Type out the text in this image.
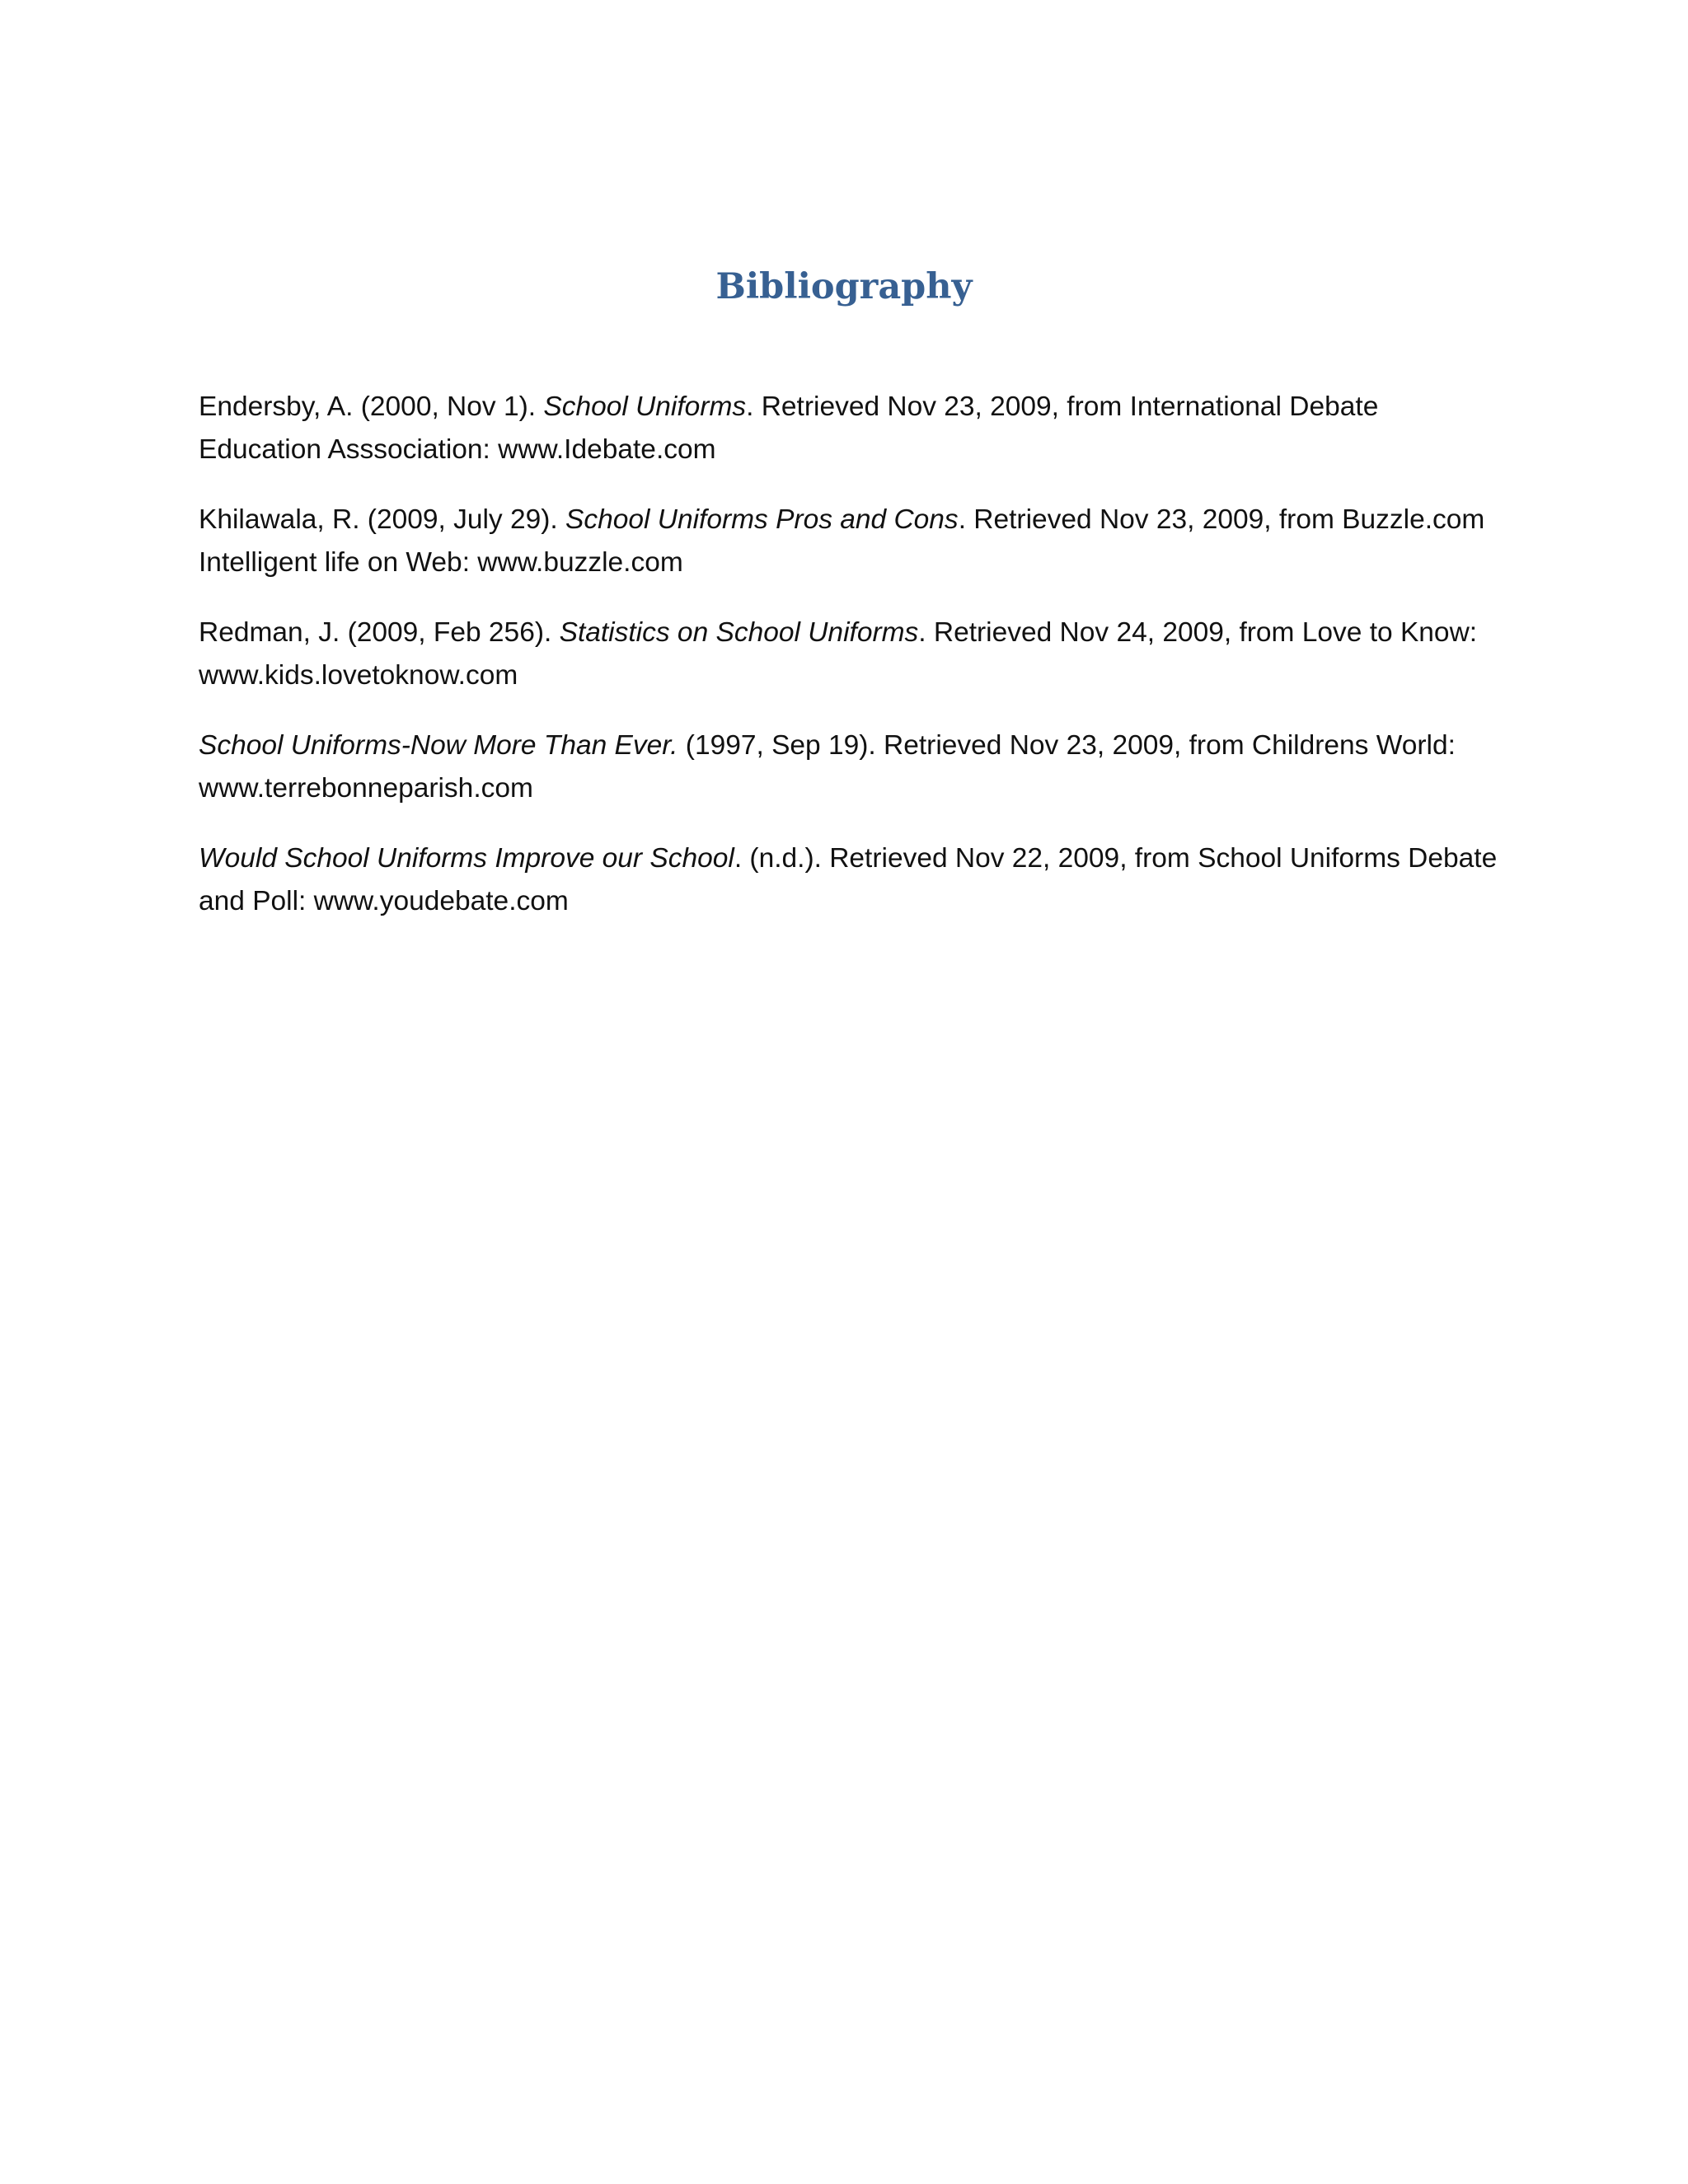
Bibliography

Endersby, A. (2000, Nov 1). School Uniforms. Retrieved Nov 23, 2009, from International Debate Education Asssociation: www.Idebate.com

Khilawala, R. (2009, July 29). School Uniforms Pros and Cons. Retrieved Nov 23, 2009, from Buzzle.com Intelligent life on Web: www.buzzle.com

Redman, J. (2009, Feb 256). Statistics on School Uniforms. Retrieved Nov 24, 2009, from Love to Know: www.kids.lovetoknow.com

School Uniforms-Now More Than Ever. (1997, Sep 19). Retrieved Nov 23, 2009, from Childrens World: www.terrebonneparish.com

Would School Uniforms Improve our School. (n.d.). Retrieved Nov 22, 2009, from School Uniforms Debate and Poll: www.youdebate.com
